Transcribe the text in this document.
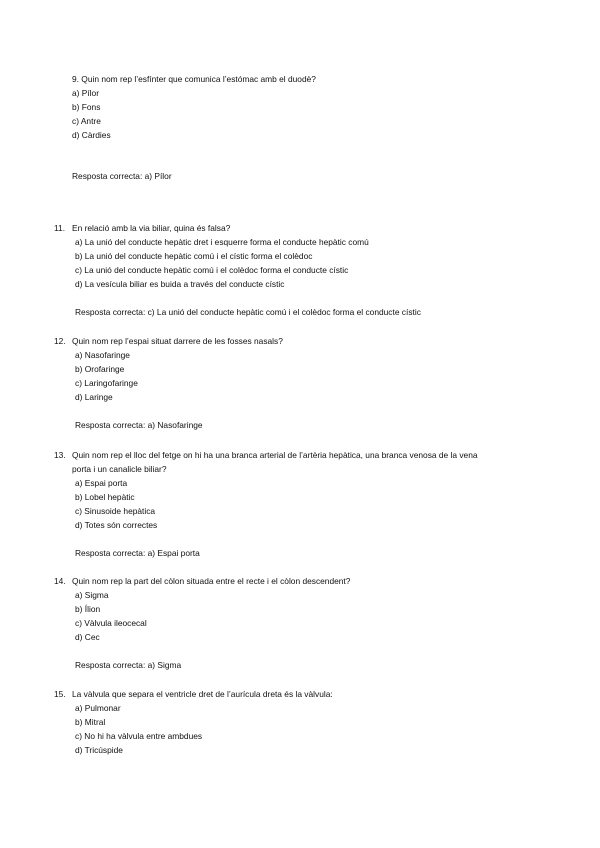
9. Quin nom rep l’esfínter que comunica l’estómac amb el duodè?
a) Pílor
b) Fons
c) Antre
d) Càrdies
Resposta correcta: a) Pílor
11. En relació amb la via biliar, quina és falsa?
a) La unió del conducte hepàtic dret i esquerre forma el conducte hepàtic comú
b) La unió del conducte hepàtic comú i el cístic forma el colèdoc
c) La unió del conducte hepàtic comú i el colèdoc forma el conducte cístic
d) La vesícula biliar es buida a través del conducte cístic
Resposta correcta: c) La unió del conducte hepàtic comú i el colèdoc forma el conducte cístic
12. Quin nom rep l’espai situat darrere de les fosses nasals?
a) Nasofaringe
b) Orofaringe
c) Laringofaringe
d) Laringe
Resposta correcta: a) Nasofaringe
13. Quin nom rep el lloc del fetge on hi ha una branca arterial de l’artèria hepàtica, una branca venosa de la vena
porta i un canalicle biliar?
a) Espai porta
b) Lobel hepàtic
c) Sinusoide hepàtica
d) Totes són correctes
Resposta correcta: a) Espai porta
14. Quin nom rep la part del còlon situada entre el recte i el còlon descendent?
a) Sigma
b) Ílion
c) Vàlvula ileocecal
d) Cec
Resposta correcta: a) Sigma
15. La vàlvula que separa el ventricle dret de l’aurícula dreta és la vàlvula:
a) Pulmonar
b) Mitral
c) No hi ha vàlvula entre ambdues
d) Tricúspide
